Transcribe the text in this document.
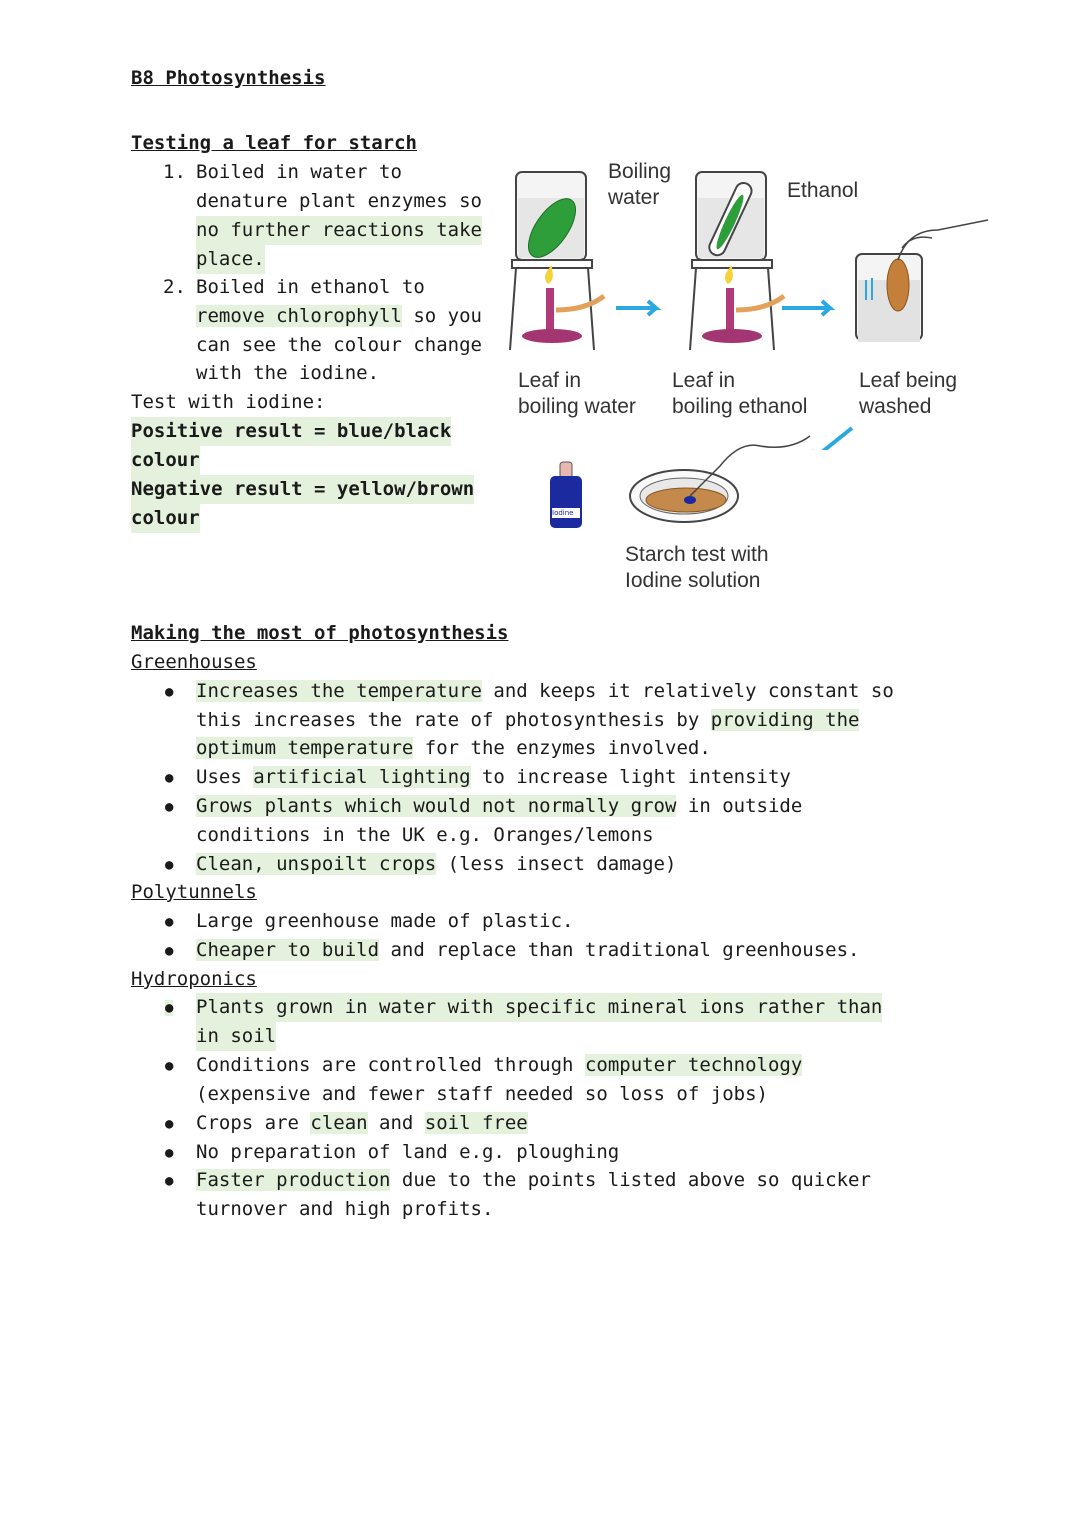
B8 Photosynthesis
Testing a leaf for starch
1. Boiled in water to
denature plant enzymes so
no further reactions take
place.
2. Boiled in ethanol to
remove chlorophyll so you
can see the colour change
with the iodine.
Test with iodine:
Positive result = blue/black
colour
Negative result = yellow/brown
colour	Iodine
Boiling
water	Ethanol
Leaf in
boiling water
Leaf in
boiling ethanol
Leaf being
washed
Starch test with
Iodine solution
Making the most of photosynthesis
Greenhouses
● Increases the temperature and keeps it relatively constant so
this increases the rate of photosynthesis by providing the
optimum temperature for the enzymes involved.
● Uses artificial lighting to increase light intensity
● Grows plants which would not normally grow in outside
conditions in the UK e.g. Oranges/lemons
● Clean, unspoilt crops (less insect damage)
Polytunnels
● Large greenhouse made of plastic.
● Cheaper to build and replace than traditional greenhouses.
Hydroponics
● Plants grown in water with specific mineral ions rather than
in soil
● Conditions are controlled through computer technology
(expensive and fewer staff needed so loss of jobs)
● Crops are clean and soil free
● No preparation of land e.g. ploughing
● Faster production due to the points listed above so quicker
turnover and high profits.
